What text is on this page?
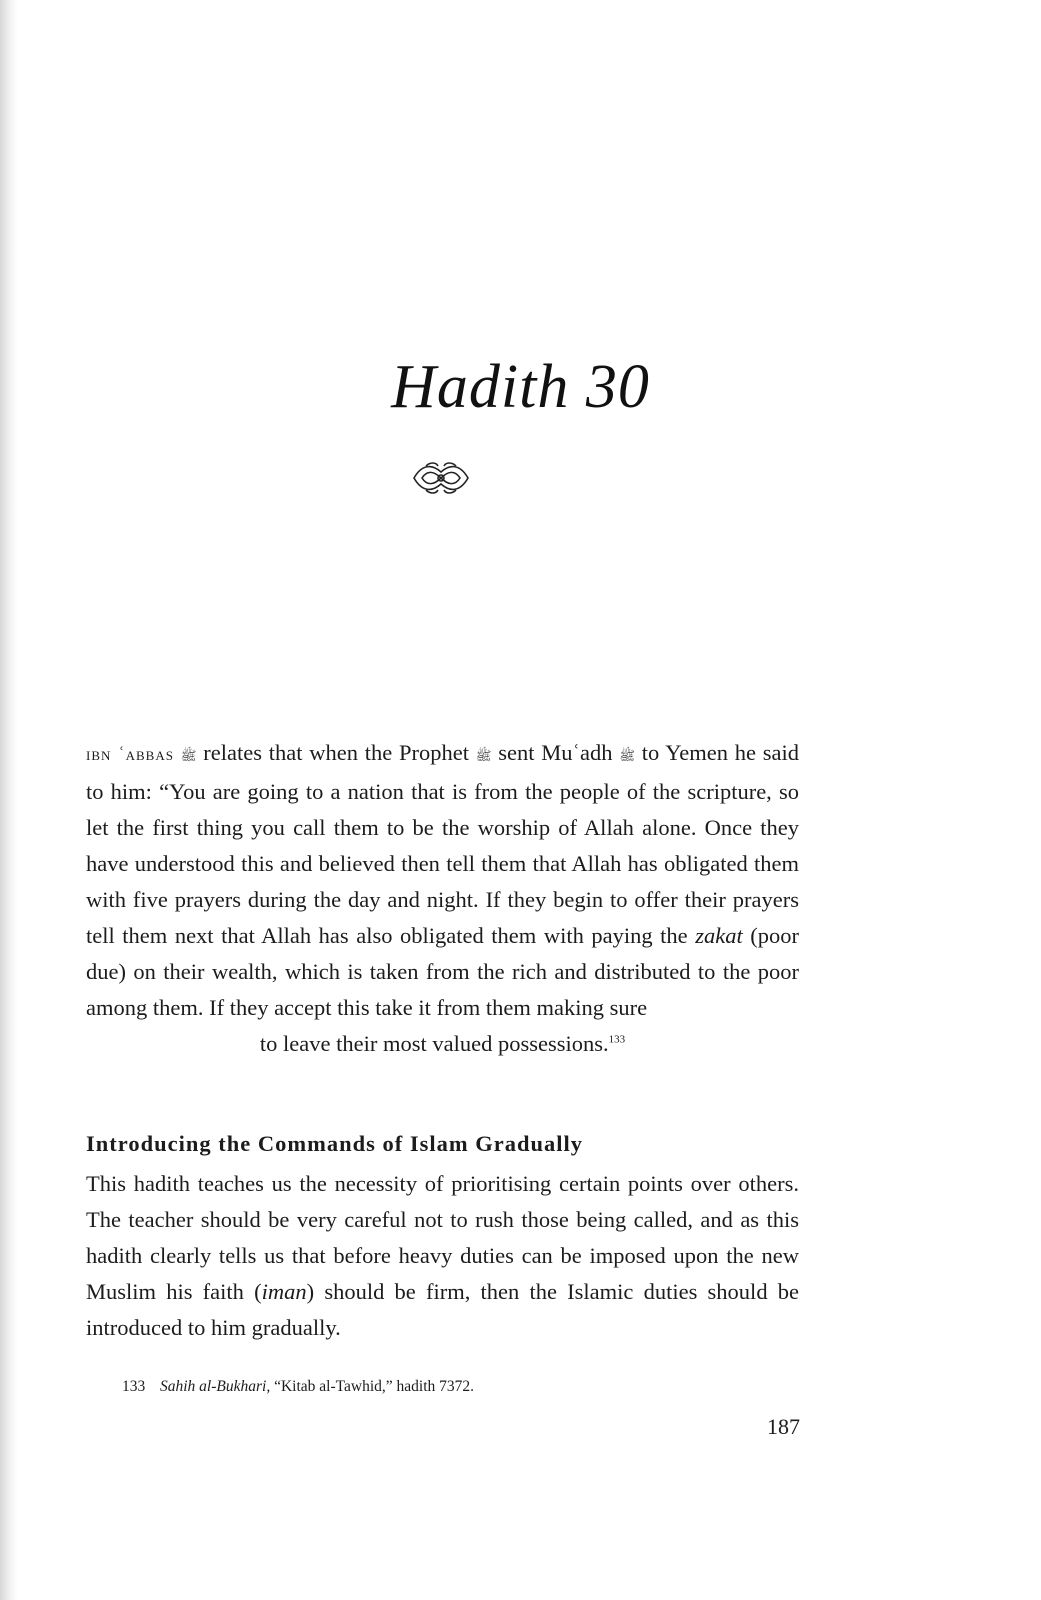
Hadith 30
ibn ʿabbas ﷺ relates that when the Prophet ﷺ sent Muʿadh ﷺ to Yemen he said to him: “You are going to a nation that is from the people of the scripture, so let the first thing you call them to be the worship of Allah alone. Once they have understood this and believed then tell them that Allah has obligated them with five prayers during the day and night. If they begin to offer their prayers tell them next that Allah has also obligated them with paying the zakat (poor due) on their wealth, which is taken from the rich and distributed to the poor among them. If they accept this take it from them making sure
to leave their most valued possessions.$^{133}$
Introducing the Commands of Islam Gradually
This hadith teaches us the necessity of prioritising certain points over others. The teacher should be very careful not to rush those being called, and as this hadith clearly tells us that before heavy duties can be imposed upon the new Muslim his faith (iman) should be firm, then the Islamic duties should be introduced to him gradually.
133 Sahih al-Bukhari, “Kitab al-Tawhid,” hadith 7372.
187
